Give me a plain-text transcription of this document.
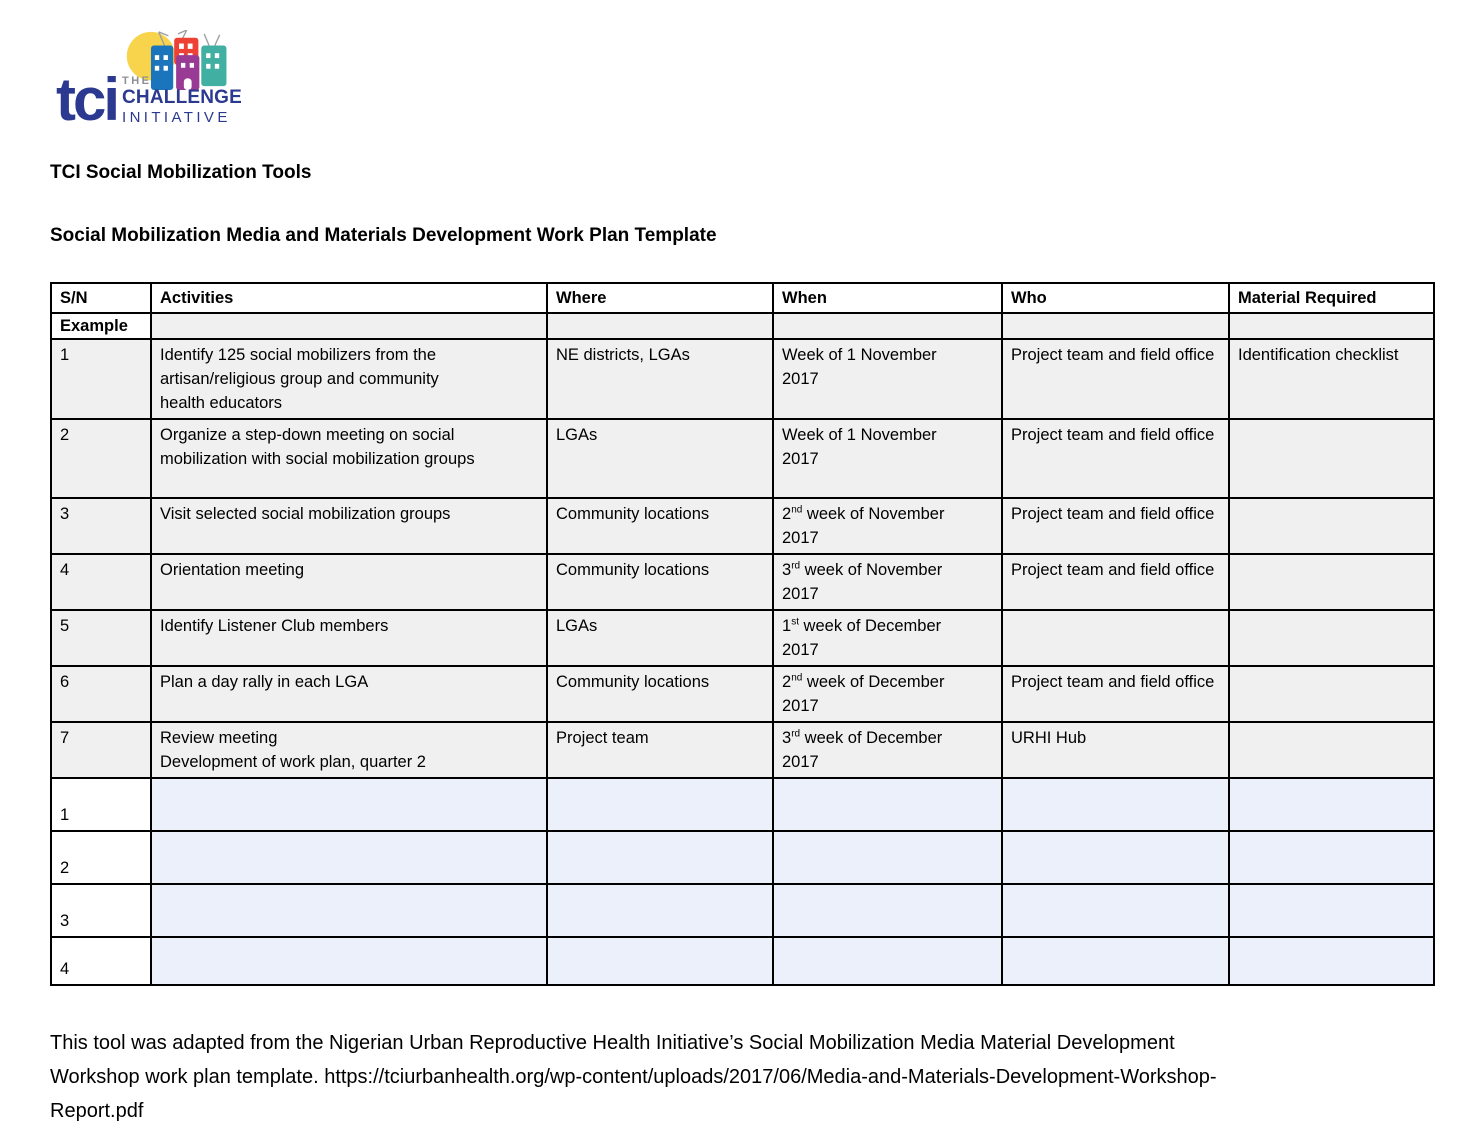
tci THE
CHALLENGE
INITIATIVE
TCI Social Mobilization Tools
Social Mobilization Media and Materials Development Work Plan Template
S/N	Activities	Where	When	Who	Material Required
Example					
1	Identify 125 social mobilizers from the artisan/religious group and community health educators	NE districts, LGAs	Week of 1 November 2017	Project team and field office	Identification checklist
2	Organize a step-down meeting on social mobilization with social mobilization groups	LGAs	Week of 1 November 2017	Project team and field office	
3	Visit selected social mobilization groups	Community locations	2nd week of November 2017	Project team and field office	
4	Orientation meeting	Community locations	3rd week of November 2017	Project team and field office	
5	Identify Listener Club members	LGAs	1st week of December 2017		
6	Plan a day rally in each LGA	Community locations	2nd week of December 2017	Project team and field office	
7	Review meeting
Development of work plan, quarter 2	Project team	3rd week of December 2017	URHI Hub	
1					
2					
3					
4					
This tool was adapted from the Nigerian Urban Reproductive Health Initiative’s Social Mobilization Media Material Development Workshop work plan template. https://tciurbanhealth.org/wp-content/uploads/2017/06/Media-and-Materials-Development-Workshop-Report.pdf
